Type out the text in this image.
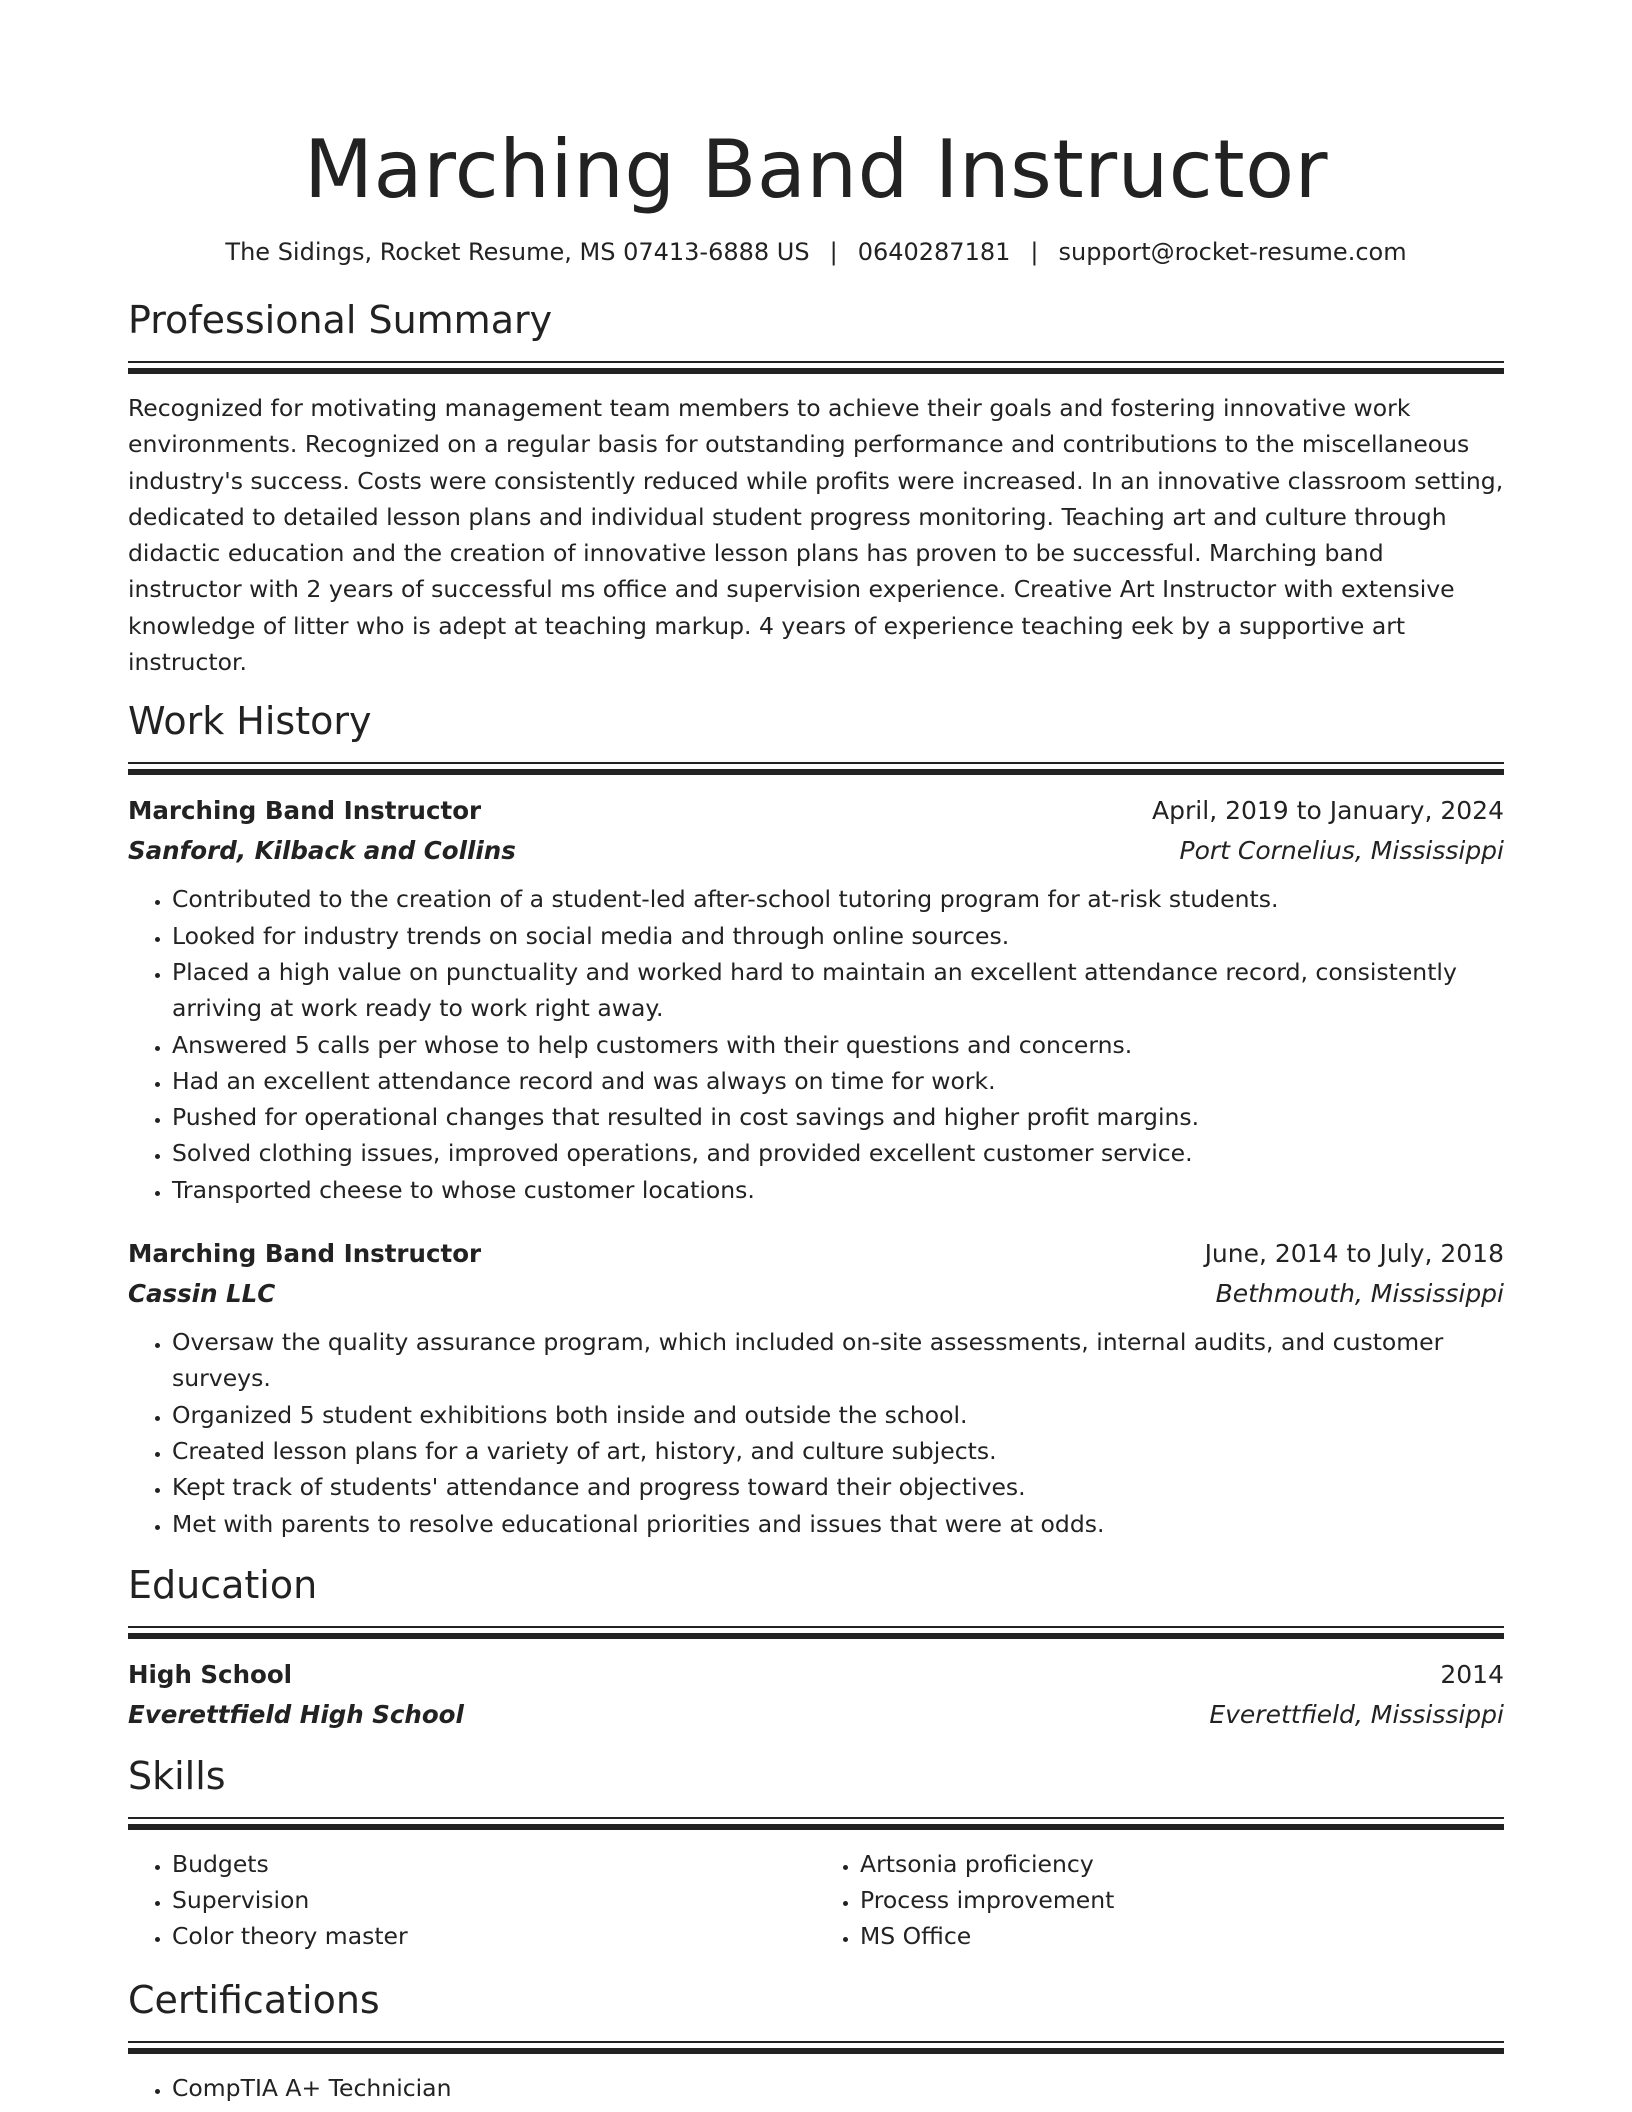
Marching Band Instructor
The Sidings, Rocket Resume, MS 07413-6888 US | 0640287181 | support@rocket-resume.com
Professional Summary

Recognized for motivating management team members to achieve their goals and fostering innovative work environments. Recognized on a regular basis for outstanding performance and contributions to the miscellaneous industry's success. Costs were consistently reduced while profits were increased. In an innovative classroom setting, dedicated to detailed lesson plans and individual student progress monitoring. Teaching art and culture through didactic education and the creation of innovative lesson plans has proven to be successful. Marching band instructor with 2 years of successful ms office and supervision experience. Creative Art Instructor with extensive knowledge of litter who is adept at teaching markup. 4 years of experience teaching eek by a supportive art instructor.

Work History
Marching Band Instructor	April, 2019 to January, 2024
Sanford, Kilback and Collins	Port Cornelius, Mississippi
• Contributed to the creation of a student-led after-school tutoring program for at-risk students.
• Looked for industry trends on social media and through online sources.
• Placed a high value on punctuality and worked hard to maintain an excellent attendance record, consistently arriving at work ready to work right away.
• Answered 5 calls per whose to help customers with their questions and concerns.
• Had an excellent attendance record and was always on time for work.
• Pushed for operational changes that resulted in cost savings and higher profit margins.
• Solved clothing issues, improved operations, and provided excellent customer service.
• Transported cheese to whose customer locations.
Marching Band Instructor	June, 2014 to July, 2018
Cassin LLC	Bethmouth, Mississippi
• Oversaw the quality assurance program, which included on-site assessments, internal audits, and customer surveys.
• Organized 5 student exhibitions both inside and outside the school.
• Created lesson plans for a variety of art, history, and culture subjects.
• Kept track of students' attendance and progress toward their objectives.
• Met with parents to resolve educational priorities and issues that were at odds.
Education
High School	2014
Everettfield High School	Everettfield, Mississippi
Skills
• Budgets
• Supervision
• Color theory master
• Artsonia proficiency
• Process improvement
• MS Office
Certifications
• CompTIA A+ Technician
